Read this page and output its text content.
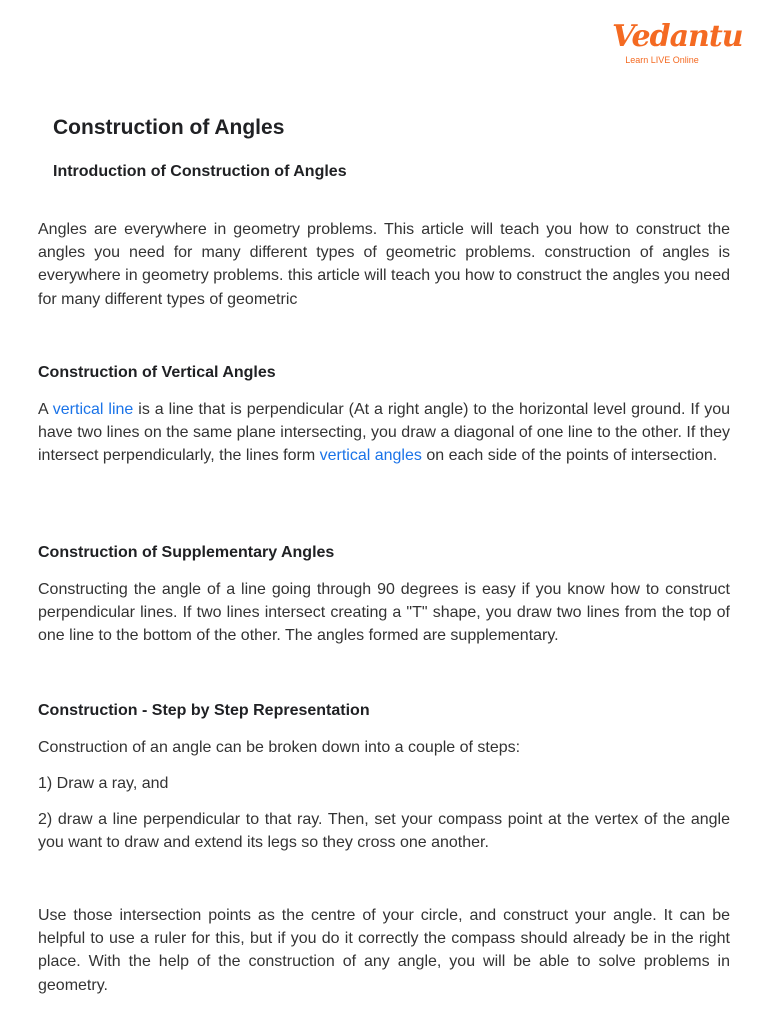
Vedantu
Learn LIVE Online
Construction of Angles
Introduction of Construction of Angles

Angles are everywhere in geometry problems. This article will teach you how to construct the angles you need for many different types of geometric problems. construction of angles is everywhere in geometry problems. this article will teach you how to construct the angles you need for many different types of geometric

Construction of Vertical Angles

A vertical line is a line that is perpendicular (At a right angle) to the horizontal level ground. If you have two lines on the same plane intersecting, you draw a diagonal of one line to the other. If they intersect perpendicularly, the lines form vertical angles on each side of the points of intersection.

Construction of Supplementary Angles

Constructing the angle of a line going through 90 degrees is easy if you know how to construct perpendicular lines. If two lines intersect creating a "T" shape, you draw two lines from the top of one line to the bottom of the other. The angles formed are supplementary.

Construction - Step by Step Representation

Construction of an angle can be broken down into a couple of steps:

1) Draw a ray, and

2) draw a line perpendicular to that ray. Then, set your compass point at the vertex of the angle you want to draw and extend its legs so they cross one another.

Use those intersection points as the centre of your circle, and construct your angle. It can be helpful to use a ruler for this, but if you do it correctly the compass should already be in the right place. With the help of the construction of any angle, you will be able to solve problems in geometry.
